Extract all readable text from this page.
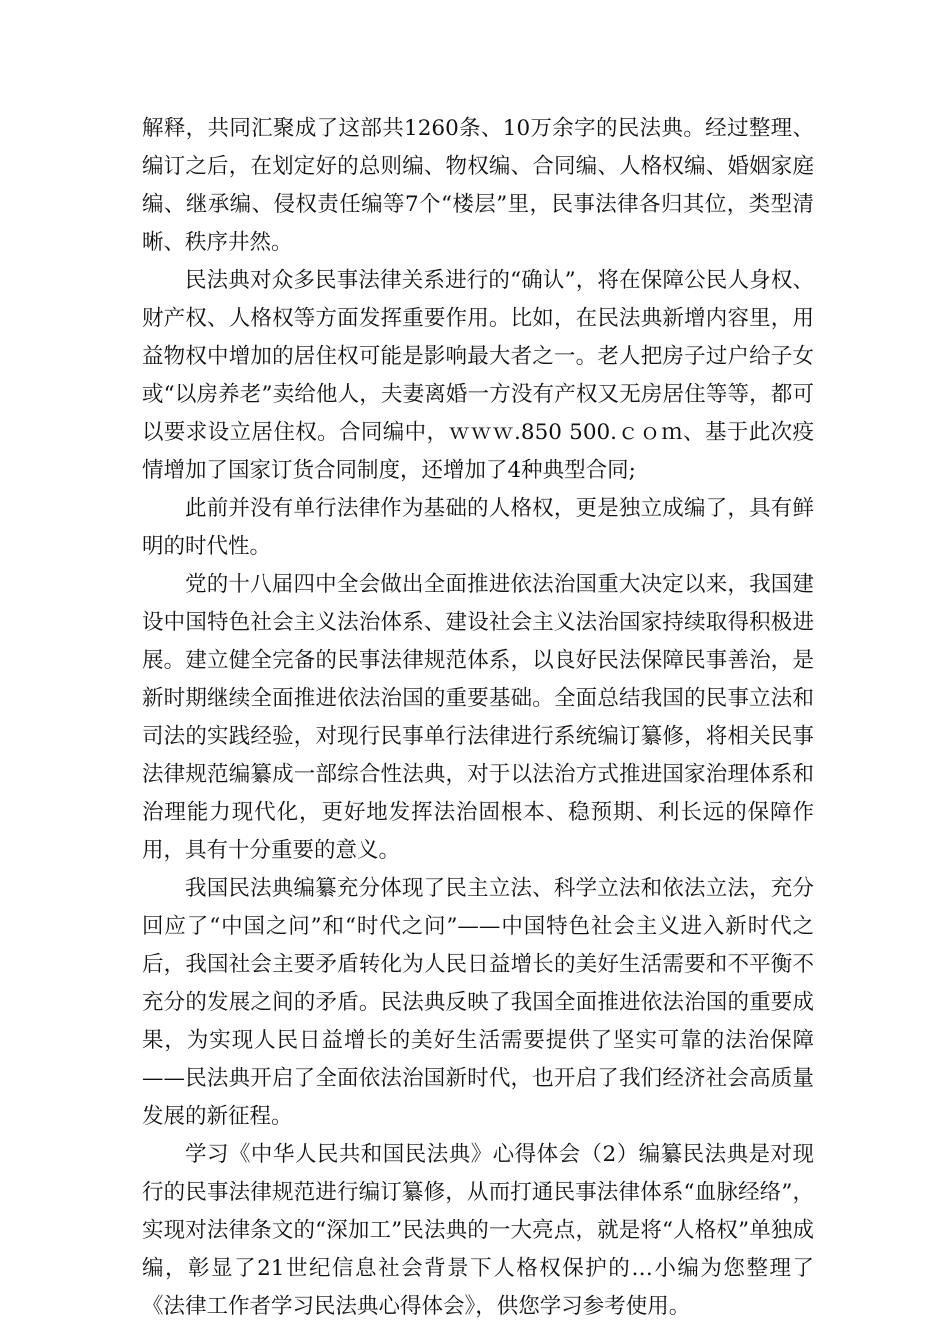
解释，共同汇聚成了这部共1260条、10万余字的民法典。经过整理、编订之后，在划定好的总则编、物权编、合同编、人格权编、婚姻家庭编、继承编、侵权责任编等7个“楼层”里，民事法律各归其位，类型清晰、秩序井然。

民法典对众多民事法律关系进行的“确认”，将在保障公民人身权、财产权、人格权等方面发挥重要作用。比如，在民法典新增内容里，用益物权中增加的居住权可能是影响最大者之一。老人把房子过户给子女或“以房养老”卖给他人，夫妻离婚一方没有产权又无房居住等等，都可以要求设立居住权。合同编中，ｗｗｗ.850 500.ｃｏｍ、基于此次疫情增加了国家订货合同制度，还增加了4种典型合同;

此前并没有单行法律作为基础的人格权，更是独立成编了，具有鲜明的时代性。

党的十八届四中全会做出全面推进依法治国重大决定以来，我国建设中国特色社会主义法治体系、建设社会主义法治国家持续取得积极进展。建立健全完备的民事法律规范体系，以良好民法保障民事善治，是新时期继续全面推进依法治国的重要基础。全面总结我国的民事立法和司法的实践经验，对现行民事单行法律进行系统编订纂修，将相关民事法律规范编纂成一部综合性法典，对于以法治方式推进国家治理体系和治理能力现代化，更好地发挥法治固根本、稳预期、利长远的保障作用，具有十分重要的意义。

我国民法典编纂充分体现了民主立法、科学立法和依法立法，充分回应了“中国之问”和“时代之问”——中国特色社会主义进入新时代之后，我国社会主要矛盾转化为人民日益增长的美好生活需要和不平衡不充分的发展之间的矛盾。民法典反映了我国全面推进依法治国的重要成果，为实现人民日益增长的美好生活需要提供了坚实可靠的法治保障——民法典开启了全面依法治国新时代，也开启了我们经济社会高质量发展的新征程。

学习《中华人民共和国民法典》心得体会（2）编纂民法典是对现行的民事法律规范进行编订纂修，从而打通民事法律体系“血脉经络”，实现对法律条文的“深加工”民法典的一大亮点，就是将“人格权”单独成编，彰显了21世纪信息社会背景下人格权保护的…小编为您整理了《法律工作者学习民法典心得体会》，供您学习参考使用。
